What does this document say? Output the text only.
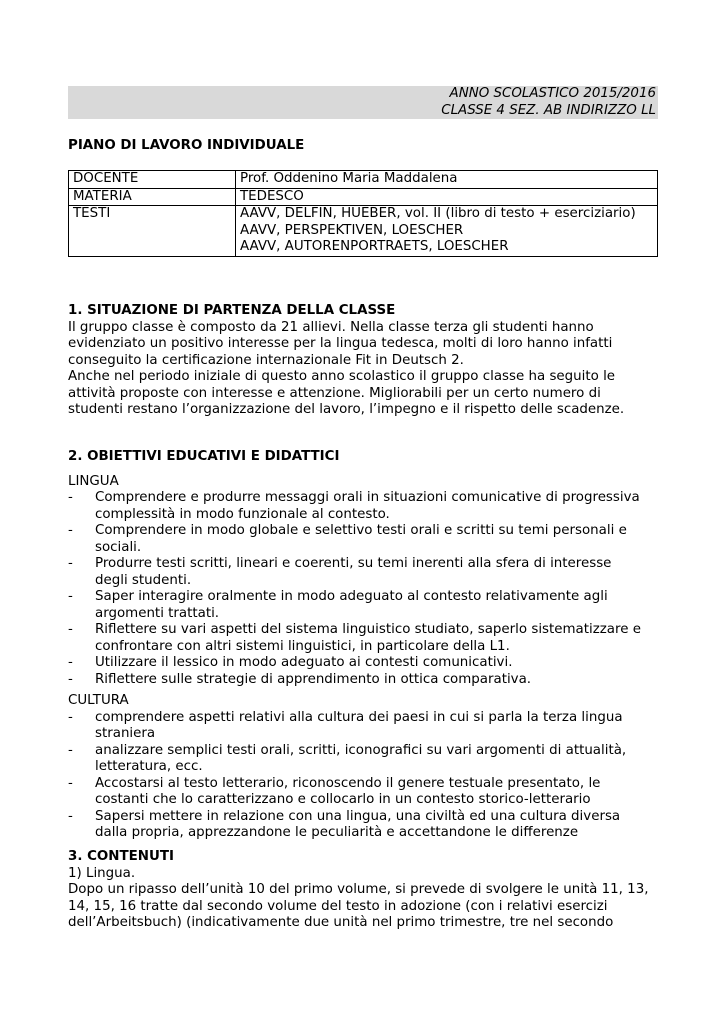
ANNO SCOLASTICO 2015/2016
CLASSE 4 SEZ. AB INDIRIZZO LL
PIANO DI LAVORO INDIVIDUALE
DOCENTE	Prof. Oddenino Maria Maddalena

MATERIA	TEDESCO

TESTI	AAVV, DELFIN, HUEBER, vol. II (libro di testo + eserciziario)
AAVV, PERSPEKTIVEN, LOESCHER
AAVV, AUTORENPORTRAETS, LOESCHER
1. SITUAZIONE DI PARTENZA DELLA CLASSE
Il gruppo classe è composto da 21 allievi. Nella classe terza gli studenti hanno
evidenziato un positivo interesse per la lingua tedesca, molti di loro hanno infatti
conseguito la certificazione internazionale Fit in Deutsch 2.
Anche nel periodo iniziale di questo anno scolastico il gruppo classe ha seguito le
attività proposte con interesse e attenzione. Migliorabili per un certo numero di
studenti restano l’organizzazione del lavoro, l’impegno e il rispetto delle scadenze.
2. OBIETTIVI EDUCATIVI E DIDATTICI
LINGUA
- Comprendere e produrre messaggi orali in situazioni comunicative di progressiva
complessità in modo funzionale al contesto.
- Comprendere in modo globale e selettivo testi orali e scritti su temi personali e
sociali.
- Produrre testi scritti, lineari e coerenti, su temi inerenti alla sfera di interesse
degli studenti.
- Saper interagire oralmente in modo adeguato al contesto relativamente agli
argomenti trattati.
- Riflettere su vari aspetti del sistema linguistico studiato, saperlo sistematizzare e
confrontare con altri sistemi linguistici, in particolare della L1.
- Utilizzare il lessico in modo adeguato ai contesti comunicativi.
- Riflettere sulle strategie di apprendimento in ottica comparativa.
CULTURA
- comprendere aspetti relativi alla cultura dei paesi in cui si parla la terza lingua
straniera
- analizzare semplici testi orali, scritti, iconografici su vari argomenti di attualità,
letteratura, ecc.
- Accostarsi al testo letterario, riconoscendo il genere testuale presentato, le
costanti che lo caratterizzano e collocarlo in un contesto storico-letterario
- Sapersi mettere in relazione con una lingua, una civiltà ed una cultura diversa
dalla propria, apprezzandone le peculiarità e accettandone le differenze
3. CONTENUTI
1) Lingua.
Dopo un ripasso dell’unità 10 del primo volume, si prevede di svolgere le unità 11, 13,
14, 15, 16 tratte dal secondo volume del testo in adozione (con i relativi esercizi
dell’Arbeitsbuch) (indicativamente due unità nel primo trimestre, tre nel secondo
